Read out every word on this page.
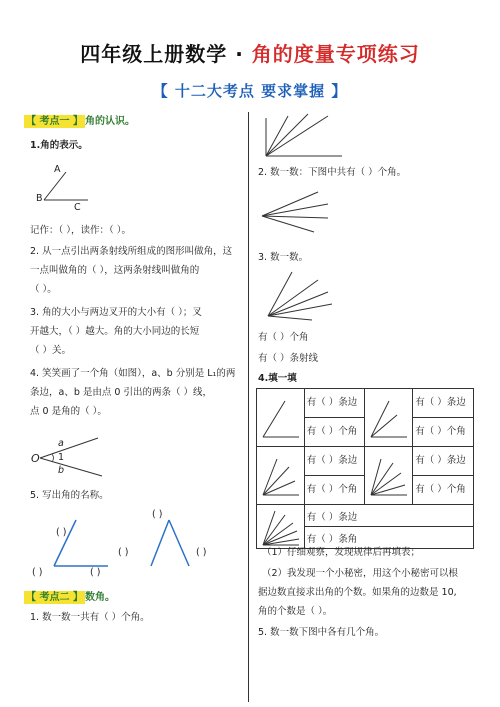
四年级上册数学 · 角的度量专项练习
【 十二大考点 要求掌握 】
【 考点一 】 角的认识。
1.角的表示。
A
B
C
记作：（ ），读作：（ ）。
2. 从一点引出两条射线所组成的图形叫做角，这
一点叫做角的（ ），这两条射线叫做角的
（ ）。
3. 角的大小与两边叉开的大小有（ ）；叉
开越大，（ ）越大。角的大小同边的长短
（ ）关。
4. 笑笑画了一个角（如图），a、b 分别是 L₁的两
条边，a、b 是由点 0 引出的两条（ ）线，
点 0 是角的（ ）。
O
a
1
b
5. 写出角的名称。
( )
( )	( )
( )
( )	( )
【 考点二 】 数角。
1. 数一数一共有（ ）个角。
2. 数一数：下图中共有（ ）个角。
3. 数一数。
有（ ）个角
有（ ）条射线
4.填一填
	有（ ）条边		有（ ）条边
	有（ ）个角		有（ ）个角

	有（ ）条边		有（ ）条边
	有（ ）个角		有（ ）个角

	有（ ）条边		
	有（ ）条角		
（1）仔细观察，发现规律后再填表；
（2）我发现一个小秘密，用这个小秘密可以根
据边数直接求出角的个数。如果角的边数是 10,
角的个数是（ ）。
5. 数一数下图中各有几个角。
